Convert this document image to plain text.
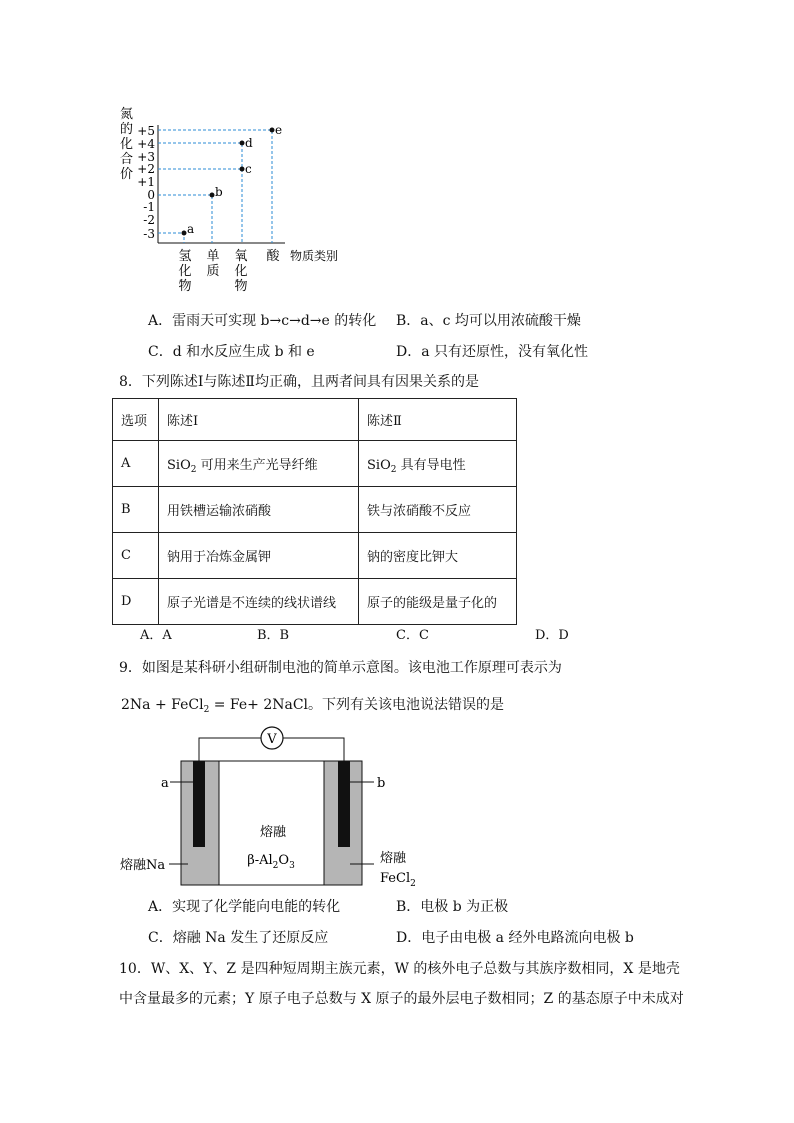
氮
的
化
合
价
+5
+4
+3
+2
+1
0
-1
-2
-3
e
d
c
b
a
氢
化
物
单
质
氧
化
物
酸 物质类别
A．雷雨天可实现 b→c→d→e 的转化 B．a、c 均可以用浓硫酸干燥
C．d 和水反应生成 b 和 e	D．a 只有还原性，没有氧化性
8．下列陈述Ⅰ与陈述Ⅱ均正确，且两者间具有因果关系的是
选项	陈述Ⅰ	陈述Ⅱ
A	SiO$_2$ 可用来生产光导纤维	SiO$_2$ 具有导电性
B	用铁槽运输浓硝酸	铁与浓硝酸不反应
C	钠用于冶炼金属钾	钠的密度比钾大
D	原子光谱是不连续的线状谱线	原子的能级是量子化的
A．A	B．B	C．C	D．D
9．如图是某科研小组研制电池的简单示意图。该电池工作原理可表示为
2Na + FeCl$_2$ = Fe+ 2NaCl。下列有关该电池说法错误的是
V
a	b
熔融
$\beta-Al_2O_3$
熔融Na	熔融
FeCl$_2$
A．实现了化学能向电能的转化	B．电极 b 为正极
C．熔融 Na 发生了还原反应	D．电子由电极 a 经外电路流向电极 b
10．W、X、Y、Z 是四种短周期主族元素，W 的核外电子总数与其族序数相同，X 是地壳
中含量最多的元素；Y 原子电子总数与 X 原子的最外层电子数相同；Z 的基态原子中未成对
